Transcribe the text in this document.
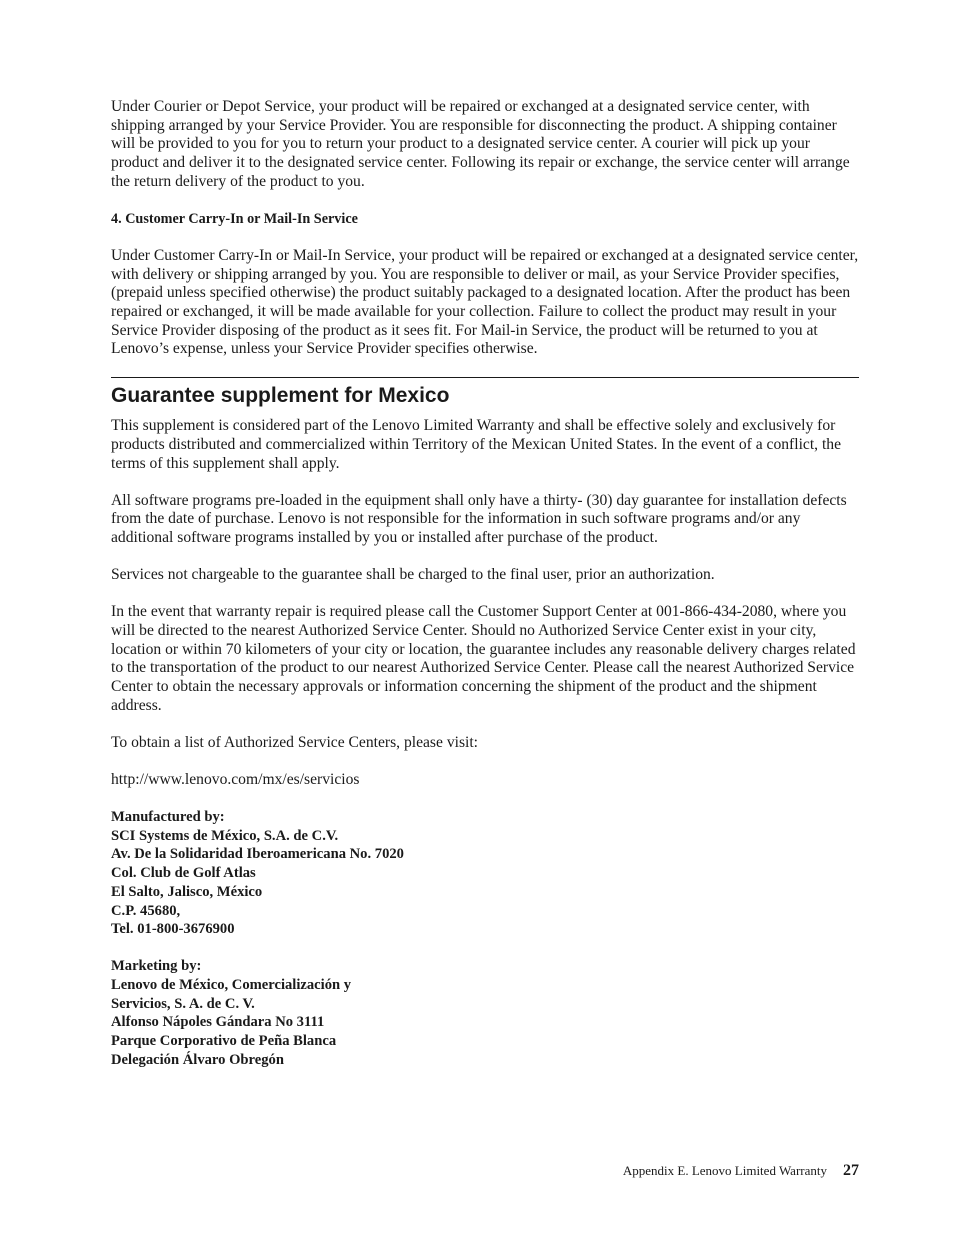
Under Courier or Depot Service, your product will be repaired or exchanged at a designated service center, with shipping arranged by your Service Provider. You are responsible for disconnecting the product. A shipping container will be provided to you for you to return your product to a designated service center. A courier will pick up your product and deliver it to the designated service center. Following its repair or exchange, the service center will arrange the return delivery of the product to you.

4. Customer Carry-In or Mail-In Service

Under Customer Carry-In or Mail-In Service, your product will be repaired or exchanged at a designated service center, with delivery or shipping arranged by you. You are responsible to deliver or mail, as your Service Provider specifies, (prepaid unless specified otherwise) the product suitably packaged to a designated location. After the product has been repaired or exchanged, it will be made available for your collection. Failure to collect the product may result in your Service Provider disposing of the product as it sees fit. For Mail-in Service, the product will be returned to you at Lenovo’s expense, unless your Service Provider specifies otherwise.

Guarantee supplement for Mexico

This supplement is considered part of the Lenovo Limited Warranty and shall be effective solely and exclusively for products distributed and commercialized within Territory of the Mexican United States. In the event of a conflict, the terms of this supplement shall apply.

All software programs pre-loaded in the equipment shall only have a thirty- (30) day guarantee for installation defects from the date of purchase. Lenovo is not responsible for the information in such software programs and/or any additional software programs installed by you or installed after purchase of the product.

Services not chargeable to the guarantee shall be charged to the final user, prior an authorization.

In the event that warranty repair is required please call the Customer Support Center at 001-866-434-2080, where you will be directed to the nearest Authorized Service Center. Should no Authorized Service Center exist in your city, location or within 70 kilometers of your city or location, the guarantee includes any reasonable delivery charges related to the transportation of the product to our nearest Authorized Service Center. Please call the nearest Authorized Service Center to obtain the necessary approvals or information concerning the shipment of the product and the shipment address.

To obtain a list of Authorized Service Centers, please visit:

http://www.lenovo.com/mx/es/servicios

Manufactured by:
SCI Systems de México, S.A. de C.V.
Av. De la Solidaridad Iberoamericana No. 7020
Col. Club de Golf Atlas
El Salto, Jalisco, México
C.P. 45680,
Tel. 01-800-3676900
Marketing by:
Lenovo de México, Comercialización y
Servicios, S. A. de C. V.
Alfonso Nápoles Gándara No 3111
Parque Corporativo de Peña Blanca
Delegación Álvaro Obregón
Appendix E. Lenovo Limited Warranty 27
